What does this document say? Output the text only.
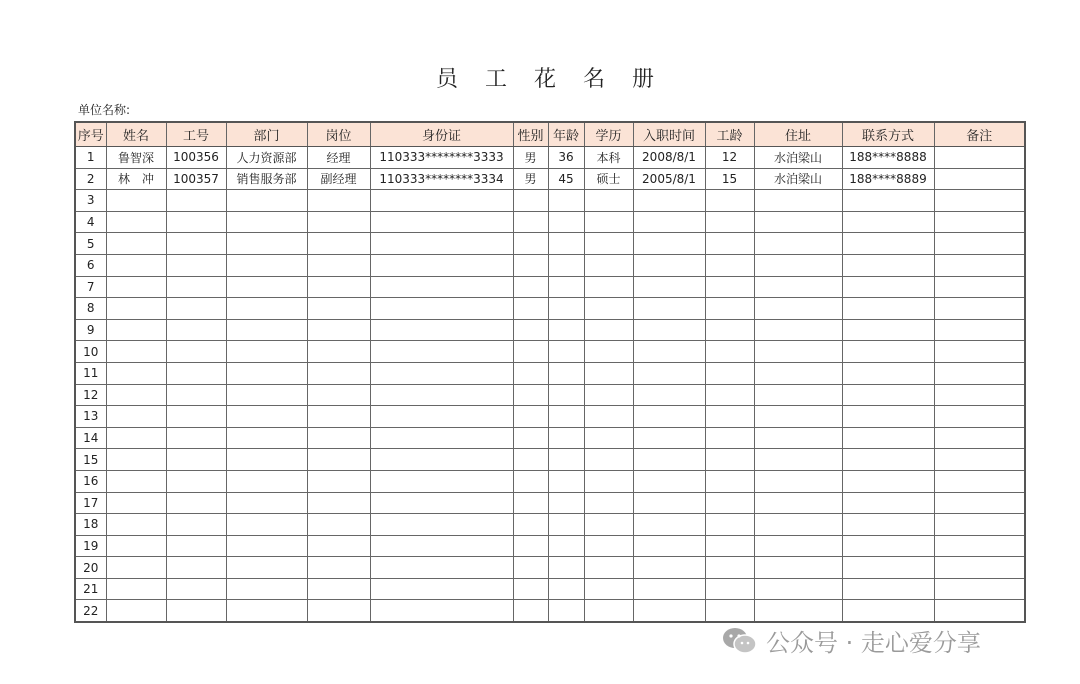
员 工 花 名 册
单位名称:
序号	姓名	工号	部门	岗位	身份证	性别	年龄	学历	入职时间	工龄	住址	联系方式	备注
1	鲁智深	100356	人力资源部	经理	110333********3333	男	36	本科	2008/8/1	12	水泊梁山	188****8888	
2	林　冲	100357	销售服务部	副经理	110333********3334	男	45	硕士	2005/8/1	15	水泊梁山	188****8889	
3													
4													
5													
6													
7													
8													
9													
10													
11													
12													
13													
14													
15													
16													
17													
18													
19													
20													
21													
22													
公众号 · 走心爱分享
